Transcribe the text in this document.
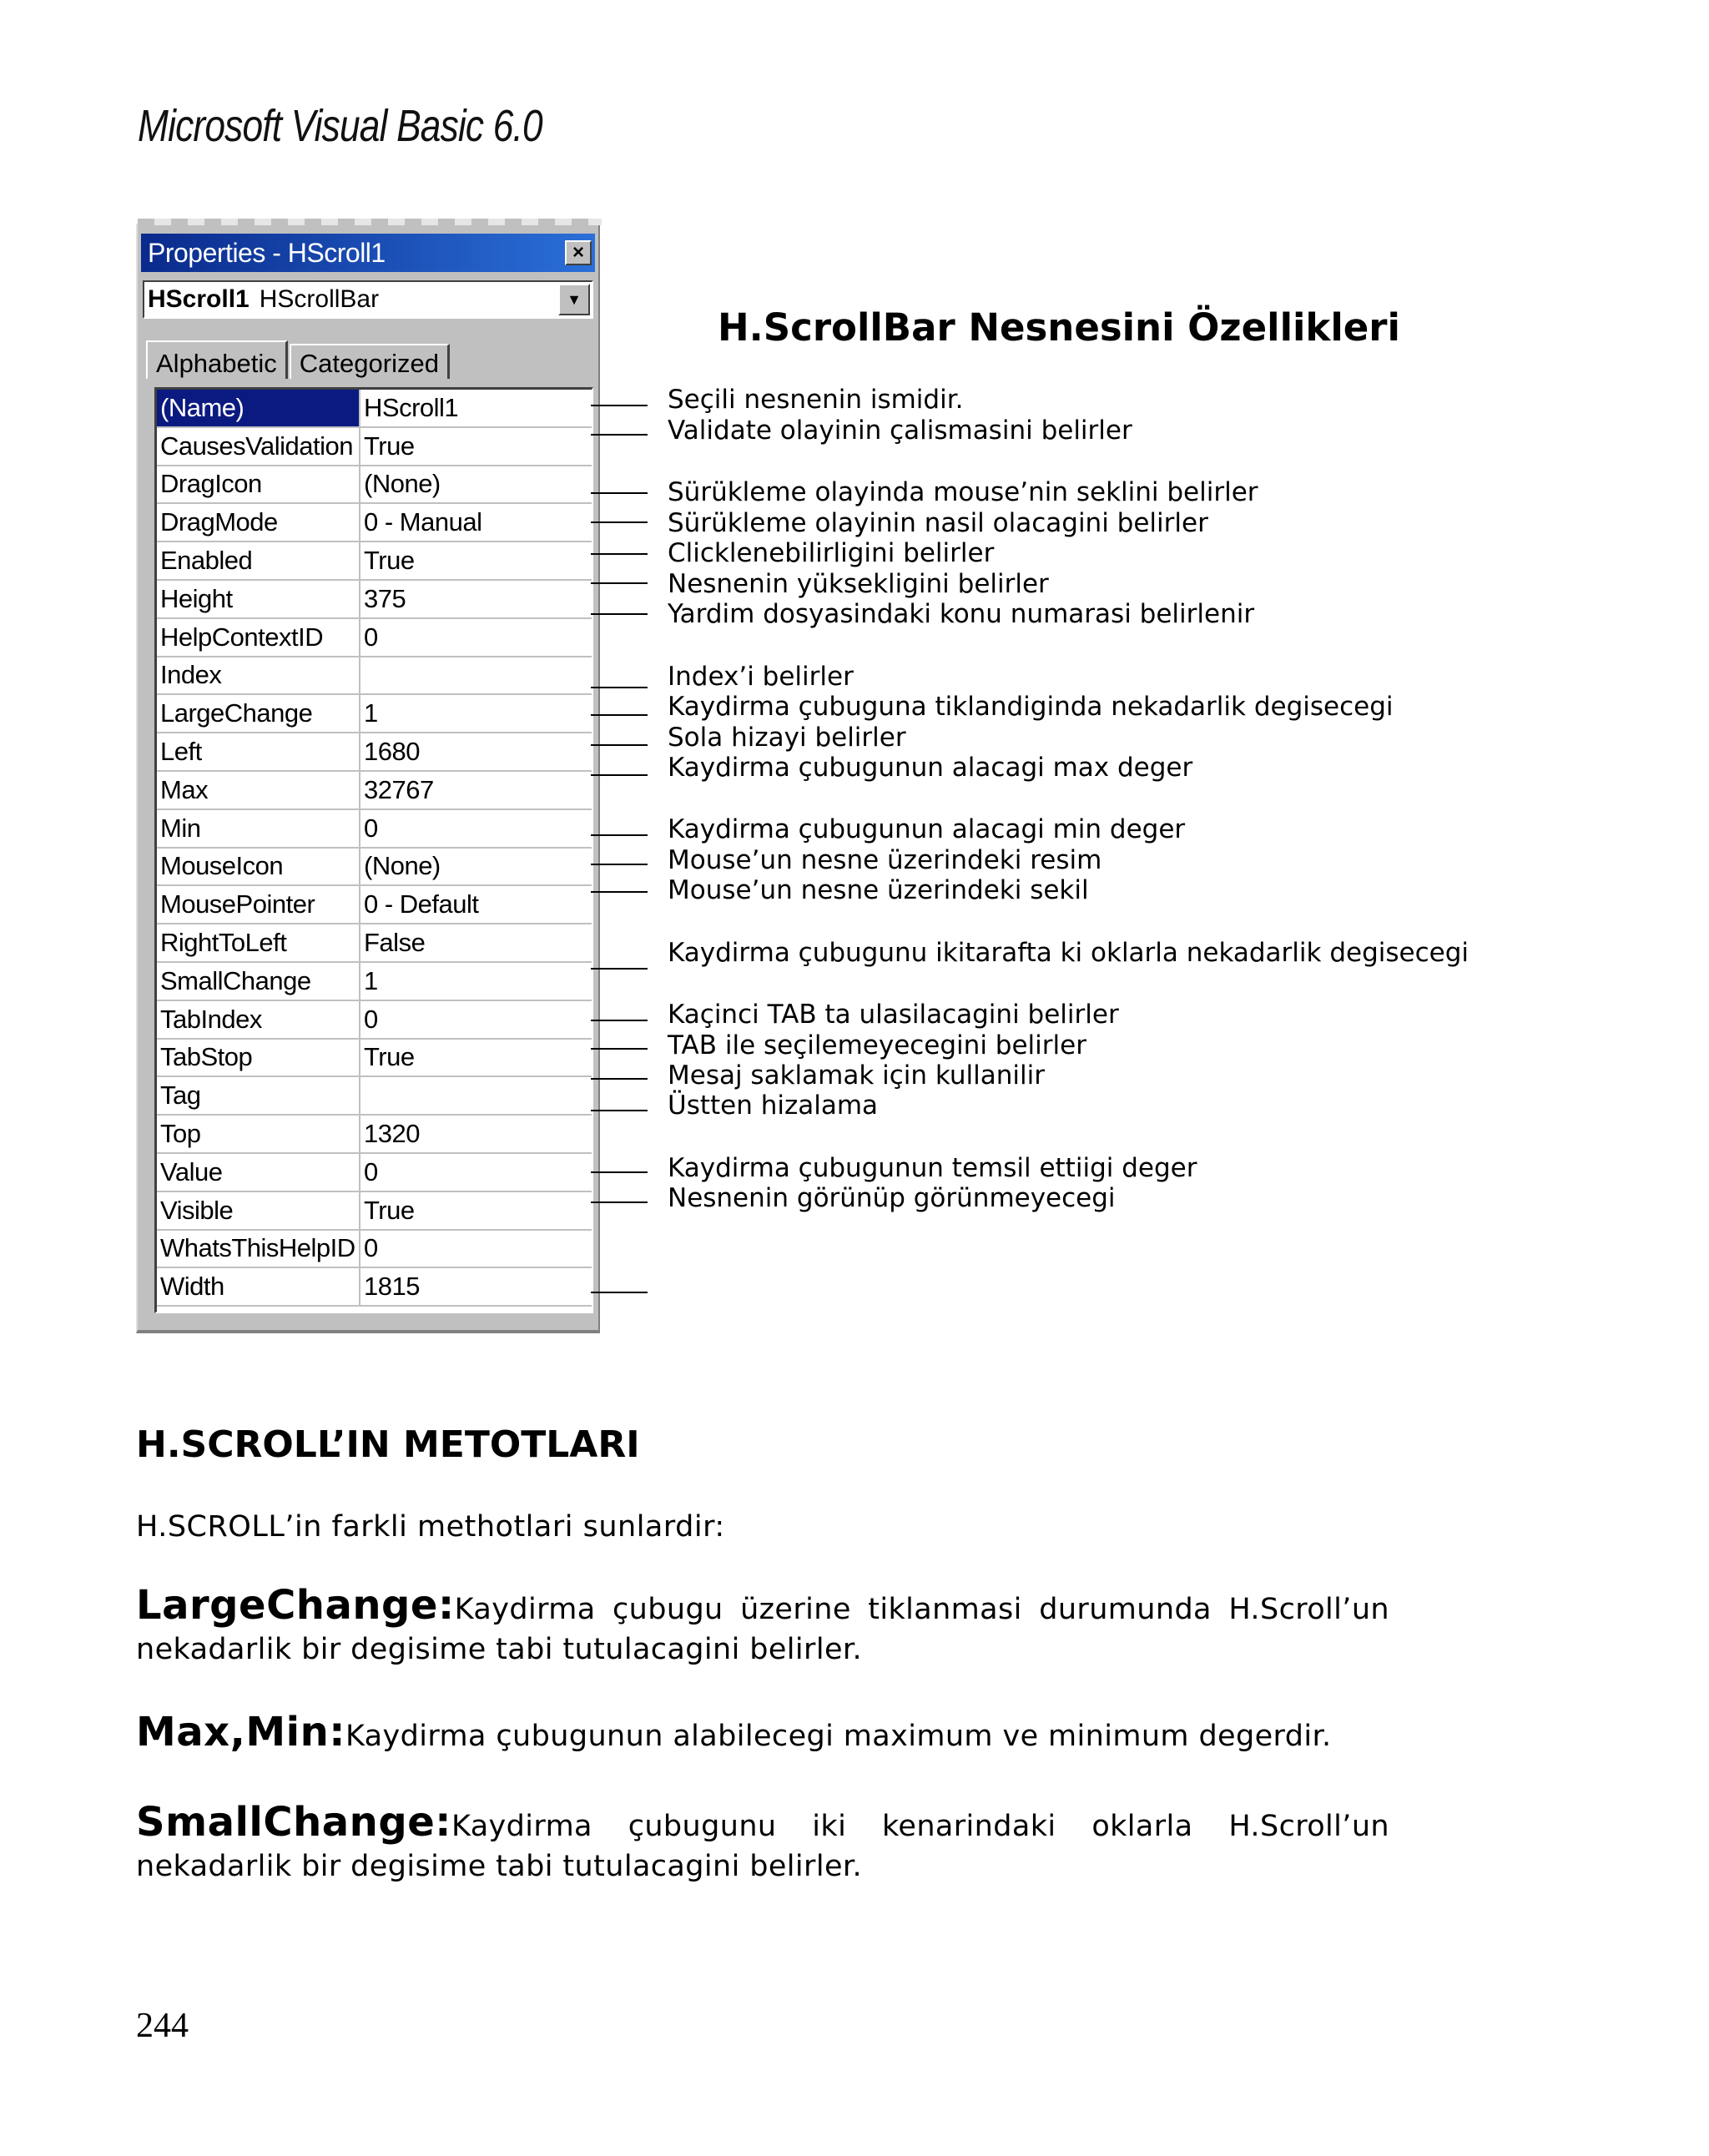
Microsoft Visual Basic 6.0
Properties - HScroll1	×
HScroll1 HScrollBar	▼
Alphabetic Categorized
(Name)	HScroll1
CausesValidation True
DragIcon	(None)
DragMode	0 - Manual
Enabled	True
Height	375
HelpContextID	0
Index
LargeChange	1
Left	1680
Max	32767
Min	0
MouseIcon	(None)
MousePointer	0 - Default
RightToLeft	False
SmallChange	1
TabIndex	0
TabStop	True
Tag
Top	1320
Value	0
Visible	True
WhatsThisHelpID 0
Width	1815
H.ScrollBar Nesnesini Özellikleri
Seçili nesnenin ismidir.
Validate olayinin çalismasini belirler
Sürükleme olayinda mouse’nin seklini belirler
Sürükleme olayinin nasil olacagini belirler
Clicklenebilirligini belirler
Nesnenin yüksekligini belirler
Yardim dosyasindaki konu numarasi belirlenir
Index’i belirler
Kaydirma çubuguna tiklandiginda nekadarlik degisecegi
Sola hizayi belirler
Kaydirma çubugunun alacagi max deger
Kaydirma çubugunun alacagi min deger
Mouse’un nesne üzerindeki resim
Mouse’un nesne üzerindeki sekil
Kaydirma çubugunu ikitarafta ki oklarla nekadarlik degisecegi
Kaçinci TAB ta ulasilacagini belirler
TAB ile seçilemeyecegini belirler
Mesaj saklamak için kullanilir
Üstten hizalama
Kaydirma çubugunun temsil ettiigi deger
Nesnenin görünüp görünmeyecegi
H.SCROLL’IN METOTLARI
H.SCROLL’in farkli methotlari sunlardir:
LargeChange:Kaydirma çubugu üzerine tiklanmasi durumunda H.Scroll’un nekadarlik bir degisime tabi tutulacagini belirler.
Max,Min:Kaydirma çubugunun alabilecegi maximum ve minimum degerdir.
SmallChange:Kaydirma çubugunu iki kenarindaki oklarla H.Scroll’un nekadarlik bir degisime tabi tutulacagini belirler.
244
